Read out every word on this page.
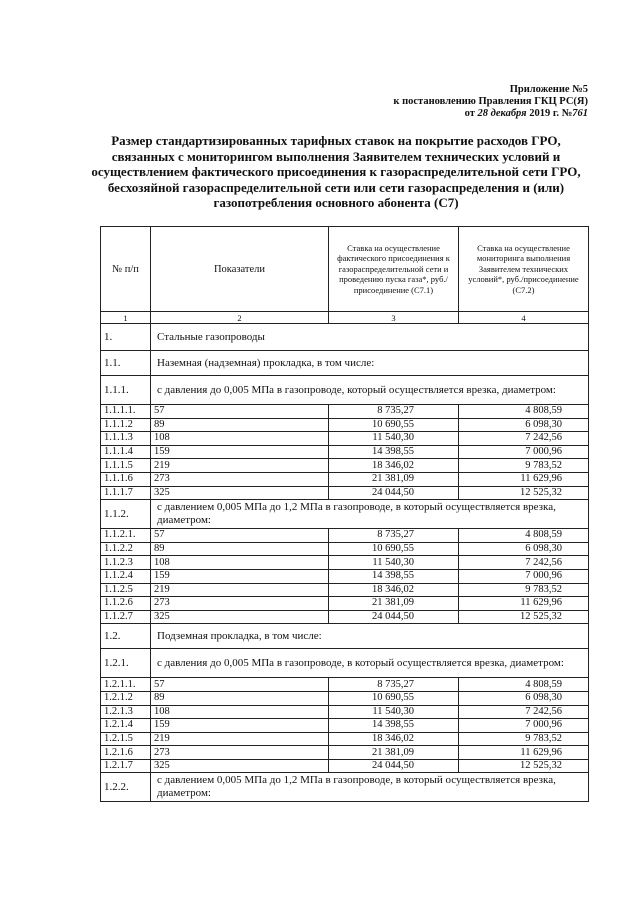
Приложение №5
к постановлению Правления ГКЦ РС(Я)
от 28 декабря 2019 г. №761
Размер стандартизированных тарифных ставок на покрытие расходов ГРО, связанных с мониторингом выполнения Заявителем технических условий и осуществлением фактического присоединения к газораспределительной сети ГРО, бесхозяйной газораспределительной сети или сети газораспределения и (или) газопотребления основного абонента (С7)
№ п/п	Показатели	Ставка на осуществление фактического присоединения к газораспределительной сети и проведению пуска газа*, руб./присоединение (С7.1)	Ставка на осуществление мониторинга выполнения Заявителем технических условий*, руб./присоединение (С7.2)
1	2	3	4
1.	Стальные газопроводы		
1.1.	Наземная (надземная) прокладка, в том числе:		
1.1.1.	с давления до 0,005 МПа в газопроводе, который осуществляется врезка, диаметром:		
1.1.1.1.	57	8 735,27	4 808,59
1.1.1.2	89	10 690,55	6 098,30
1.1.1.3	108	11 540,30	7 242,56
1.1.1.4	159	14 398,55	7 000,96
1.1.1.5	219	18 346,02	9 783,52
1.1.1.6	273	21 381,09	11 629,96
1.1.1.7	325	24 044,50	12 525,32
1.1.2.	с давлением 0,005 МПа до 1,2 МПа в газопроводе, в который осуществляется врезка, диаметром:		
1.1.2.1.	57	8 735,27	4 808,59
1.1.2.2	89	10 690,55	6 098,30
1.1.2.3	108	11 540,30	7 242,56
1.1.2.4	159	14 398,55	7 000,96
1.1.2.5	219	18 346,02	9 783,52
1.1.2.6	273	21 381,09	11 629,96
1.1.2.7	325	24 044,50	12 525,32
1.2.	Подземная прокладка, в том числе:		
1.2.1.	с давления до 0,005 МПа в газопроводе, в который осуществляется врезка, диаметром:		
1.2.1.1.	57	8 735,27	4 808,59
1.2.1.2	89	10 690,55	6 098,30
1.2.1.3	108	11 540,30	7 242,56
1.2.1.4	159	14 398,55	7 000,96
1.2.1.5	219	18 346,02	9 783,52
1.2.1.6	273	21 381,09	11 629,96
1.2.1.7	325	24 044,50	12 525,32
1.2.2.	с давлением 0,005 МПа до 1,2 МПа в газопроводе, в который осуществляется врезка, диаметром:		
